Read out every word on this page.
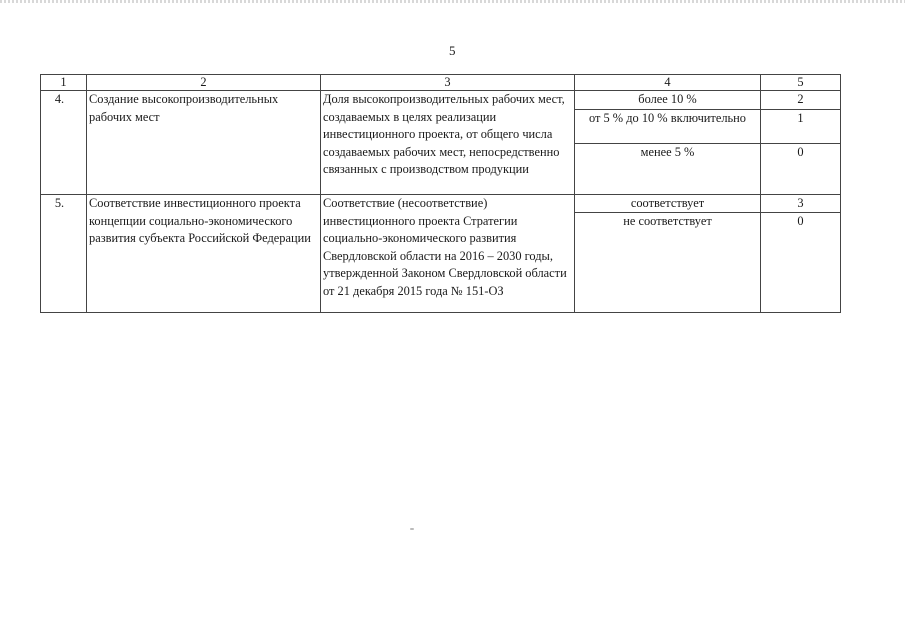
5
1	2	3	4	5
4.	Создание высокопроизводительных рабочих мест	Доля высокопроизводительных рабочих мест, создаваемых в целях реализации инвестиционного проекта, от общего числа создаваемых рабочих мест, непосредственно связанных с производством продукции	более 10 %	2
			от 5 % до 10 % включительно	1
			менее 5 %	0
5.	Соответствие инвестиционного проекта концепции социально-экономического развития субъекта Российской Федерации	Соответствие (несоответствие) инвестиционного проекта Стратегии социально-экономического развития Свердловской области на 2016 – 2030 годы, утвержденной Законом Свердловской области от 21 декабря 2015 года № 151-ОЗ	соответствует	3
			не соответствует	0
